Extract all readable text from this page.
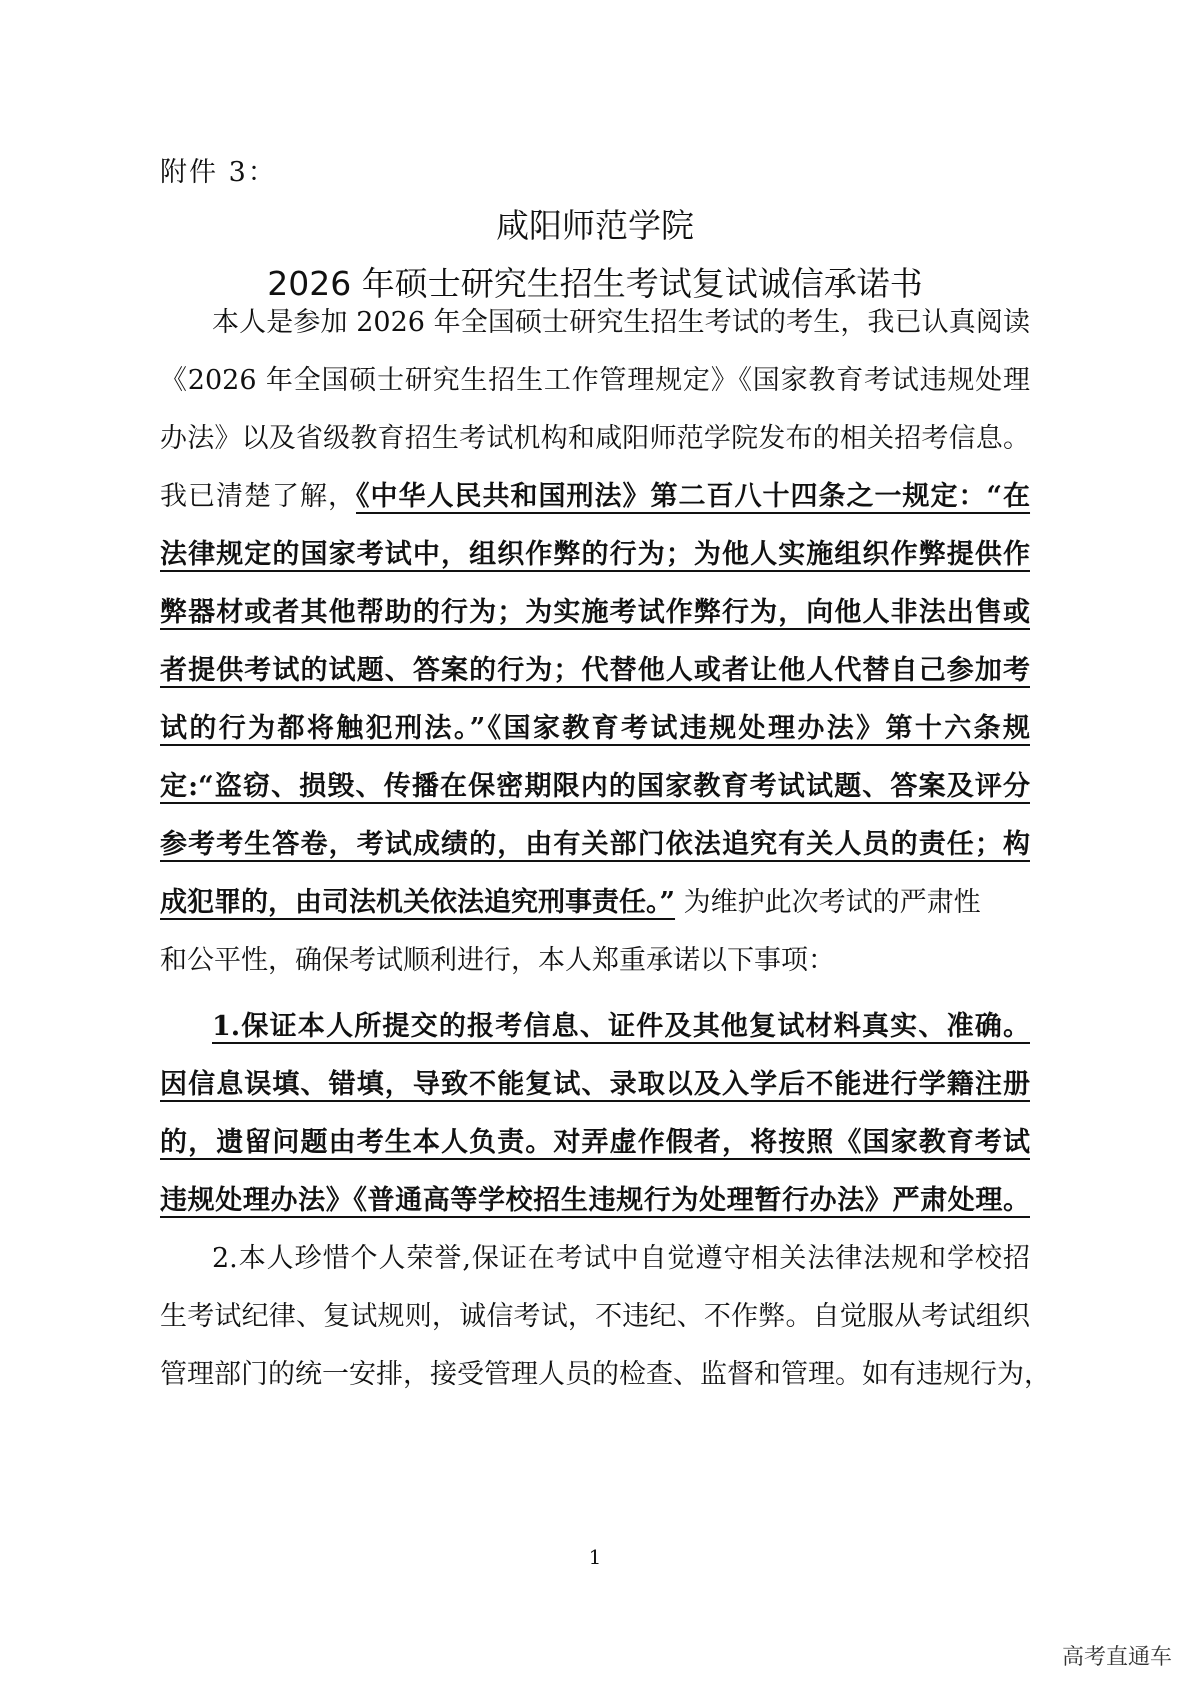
附件 3：
咸阳师范学院
2026 年硕士研究生招生考试复试诚信承诺书
本人是参加 2026 年全国硕士研究生招生考试的考生，我已认真阅读
《2026 年全国硕士研究生招生工作管理规定》《国家教育考试违规处理
办法》以及省级教育招生考试机构和咸阳师范学院发布的相关招考信息。
我已清楚了解，《中华人民共和国刑法》第二百八十四条之一规定：“在
法律规定的国家考试中，组织作弊的行为；为他人实施组织作弊提供作
弊器材或者其他帮助的行为；为实施考试作弊行为，向他人非法出售或
者提供考试的试题、答案的行为；代替他人或者让他人代替自己参加考
试的行为都将触犯刑法。”《国家教育考试违规处理办法》第十六条规
定:“盗窃、损毁、传播在保密期限内的国家教育考试试题、答案及评分
参考考生答卷，考试成绩的，由有关部门依法追究有关人员的责任；构
成犯罪的，由司法机关依法追究刑事责任。” 为维护此次考试的严肃性
和公平性，确保考试顺利进行，本人郑重承诺以下事项：
1.保证本人所提交的报考信息、证件及其他复试材料真实、准确。
因信息误填、错填，导致不能复试、录取以及入学后不能进行学籍注册
的，遗留问题由考生本人负责。对弄虚作假者，将按照《国家教育考试
违规处理办法》《普通高等学校招生违规行为处理暂行办法》严肃处理。
2.本人珍惜个人荣誉,保证在考试中自觉遵守相关法律法规和学校招
生考试纪律、复试规则，诚信考试，不违纪、不作弊。自觉服从考试组织
管理部门的统一安排，接受管理人员的检查、监督和管理。如有违规行为，
1
高考直通车
